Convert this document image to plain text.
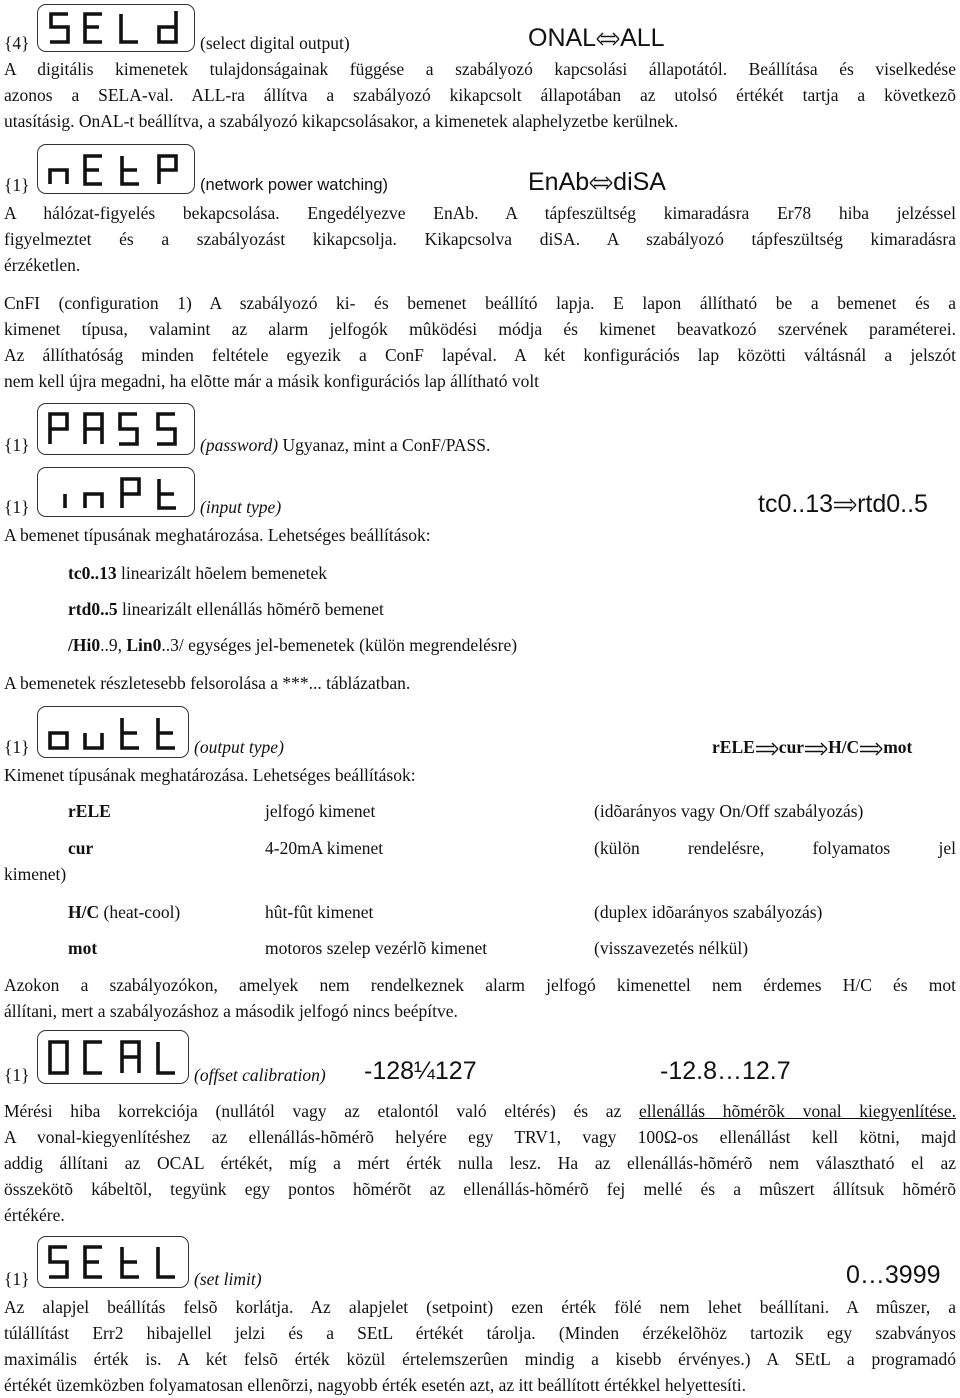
{4}	(select digital output)	ONAL ALL
A digitális kimenetek tulajdonságainak függése a szabályozó kapcsolási állapotától. Beállítása és viselkedése
azonos a SELA-val. ALL-ra állítva a szabályozó kikapcsolt állapotában az utolsó értékét tartja a következõ
utasításig. OnAL-t beállítva, a szabályozó kikapcsolásakor, a kimenetek alaphelyzetbe kerülnek.
{1}	(network power watching)	EnAb diSA
A hálózat-figyelés bekapcsolása. Engedélyezve EnAb. A tápfeszültség kimaradásra Er78 hiba jelzéssel
figyelmeztet és a szabályozást kikapcsolja. Kikapcsolva diSA. A szabályozó tápfeszültség kimaradásra
érzéketlen.
CnFI (configuration 1) A szabályozó ki- és bemenet beállító lapja. E lapon állítható be a bemenet és a
kimenet típusa, valamint az alarm jelfogók mûködési módja és kimenet beavatkozó szervének paraméterei.
Az állíthatóság minden feltétele egyezik a ConF lapéval. A két konfigurációs lap közötti váltásnál a jelszót
nem kell újra megadni, ha elõtte már a másik konfigurációs lap állítható volt
{1}	(password) Ugyanaz, mint a ConF/PASS.
{1}	(input type)	tc0..13 rtd0..5
A bemenet típusának meghatározása. Lehetséges beállítások:
tc0..13 linearizált hõelem bemenetek
rtd0..5 linearizált ellenállás hõmérõ bemenet
/Hi0..9, Lin0..3/ egységes jel-bemenetek (külön megrendelésre)
A bemenetek részletesebb felsorolása a ***... táblázatban.
{1}	(output type)	rELE cur H/C mot
Kimenet típusának meghatározása. Lehetséges beállítások:
rELE	jelfogó kimenet	(idõarányos vagy On/Off szabályozás)
cur	4-20mA kimenet	(külön rendelésre, folyamatos jel
kimenet)
H/C (heat-cool)	hût-fût kimenet	(duplex idõarányos szabályozás)
mot	motoros szelep vezérlõ kimenet	(visszavezetés nélkül)
Azokon a szabályozókon, amelyek nem rendelkeznek alarm jelfogó kimenettel nem érdemes H/C és mot
állítani, mert a szabályozáshoz a második jelfogó nincs beépítve.
{1}	(offset calibration) -128¼127	-12.8…12.7
Mérési hiba korrekciója (nullától vagy az etalontól való eltérés) és az ellenállás hõmérõk vonal kiegyenlítése.
A vonal-kiegyenlítéshez az ellenállás-hõmérõ helyére egy TRV1, vagy 100Ω-os ellenállást kell kötni, majd
addig állítani az OCAL értékét, míg a mért érték nulla lesz. Ha az ellenállás-hõmérõ nem választható el az
összekötõ kábeltõl, tegyünk egy pontos hõmérõt az ellenállás-hõmérõ fej mellé és a mûszert állítsuk hõmérõ
értékére.
{1}	(set limit)	0…3999
Az alapjel beállítás felsõ korlátja. Az alapjelet (setpoint) ezen érték fölé nem lehet beállítani. A mûszer, a
túlállítást Err2 hibajellel jelzi és a SEtL értékét tárolja. (Minden érzékelõhöz tartozik egy szabványos
maximális érték is. A két felsõ érték közül értelemszerûen mindig a kisebb érvényes.) A SEtL a programadó
értékét üzemközben folyamatosan ellenõrzi, nagyobb érték esetén azt, az itt beállított értékkel helyettesíti.
